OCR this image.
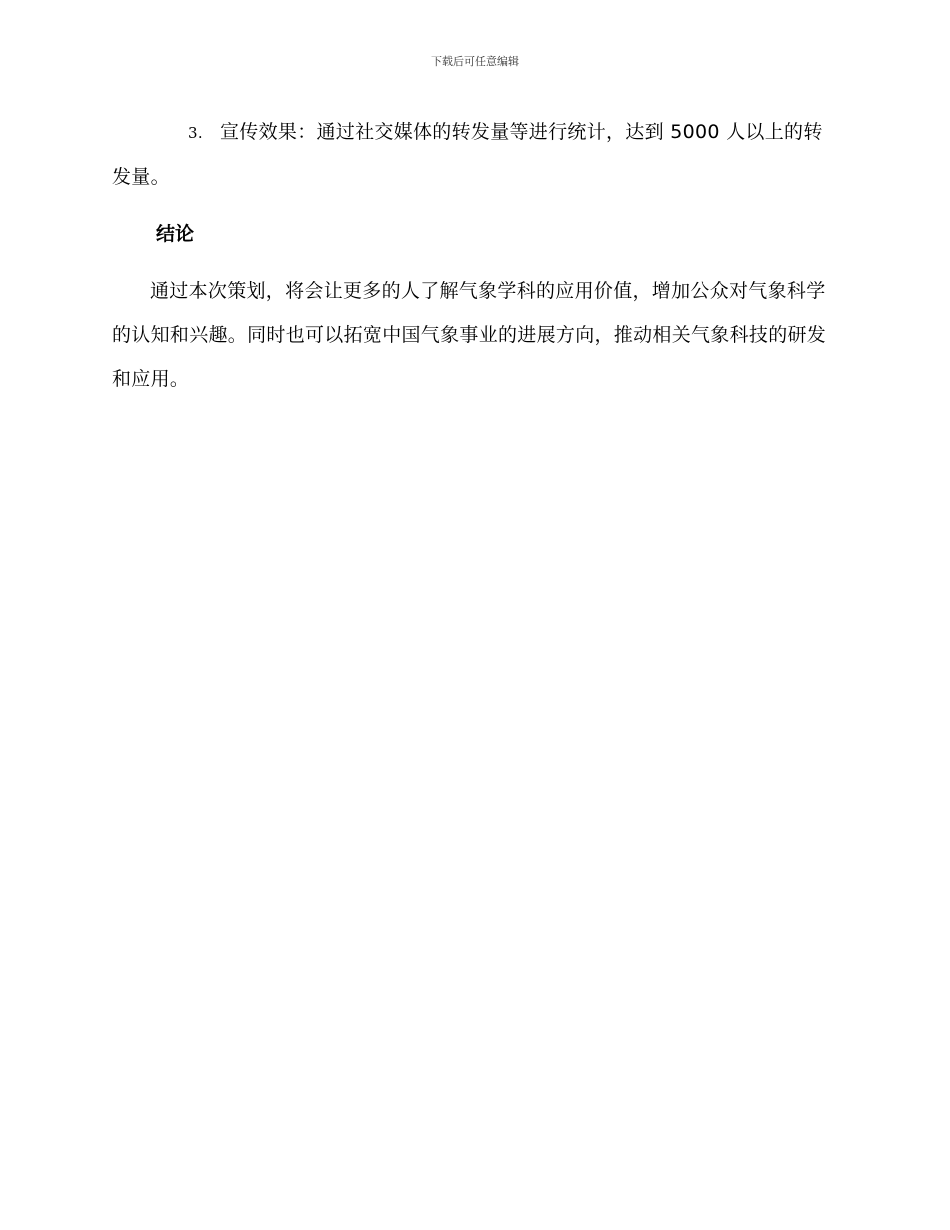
下载后可任意编辑

3. 宣传效果：通过社交媒体的转发量等进行统计，达到 5000 人以上的转发量。

结论

通过本次策划，将会让更多的人了解气象学科的应用价值，增加公众对气象科学的认知和兴趣。同时也可以拓宽中国气象事业的进展方向，推动相关气象科技的研发和应用。
